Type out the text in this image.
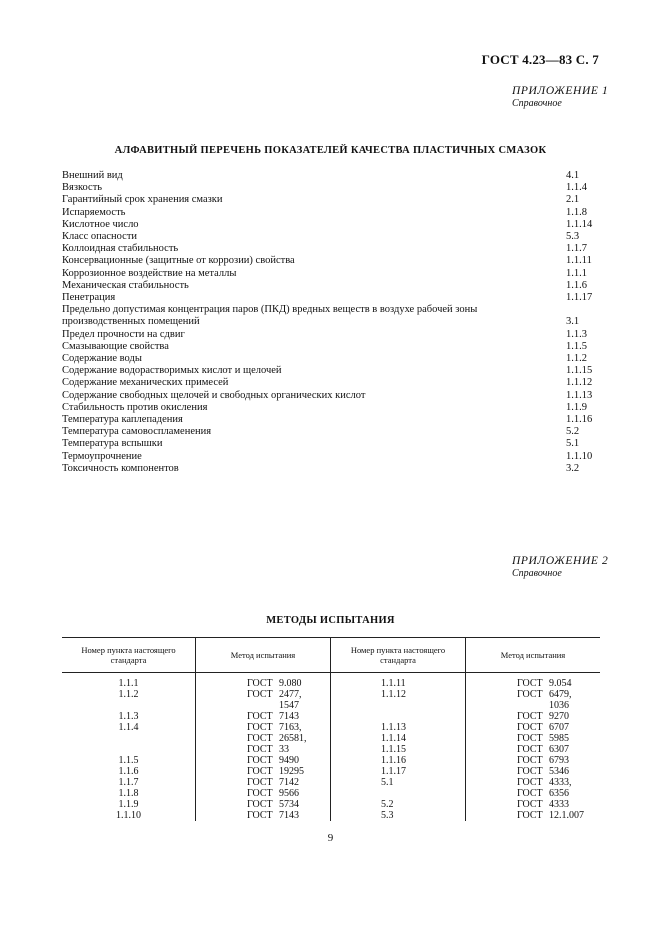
ГОСТ 4.23—83 С. 7
ПРИЛОЖЕНИЕ 1
Справочное
АЛФАВИТНЫЙ ПЕРЕЧЕНЬ ПОКАЗАТЕЛЕЙ КАЧЕСТВА ПЛАСТИЧНЫХ СМАЗОК
Внешний вид	4.1
Вязкость	1.1.4
Гарантийный срок хранения смазки	2.1
Испаряемость	1.1.8
Кислотное число	1.1.14
Класс опасности	5.3
Коллоидная стабильность	1.1.7
Консервационные (защитные от коррозии) свойства	1.1.11
Коррозионное воздействие на металлы	1.1.1
Механическая стабильность	1.1.6
Пенетрация	1.1.17
Предельно допустимая концентрация паров (ПКД) вредных веществ в воздухе рабочей зоны производственных помещений	3.1
Предел прочности на сдвиг	1.1.3
Смазывающие свойства	1.1.5
Содержание воды	1.1.2
Содержание водорастворимых кислот и щелочей	1.1.15
Содержание механических примесей	1.1.12
Содержание свободных щелочей и свободных органических кислот	1.1.13
Стабильность против окисления	1.1.9
Температура каплепадения	1.1.16
Температура самовоспламенения	5.2
Температура вспышки	5.1
Термоупрочнение	1.1.10
Токсичность компонентов	3.2
ПРИЛОЖЕНИЕ 2
Справочное
МЕТОДЫ ИСПЫТАНИЯ
Номер пункта настоящего стандарта	Метод испытания	Номер пункта настоящего стандарта	Метод испытания
1.1.1	ГОСТ 9.080	1.1.11	ГОСТ 9.054
1.1.2	ГОСТ 2477,	1.1.12	ГОСТ 6479,
	1547		1036
1.1.3	ГОСТ 7143		ГОСТ 9270
1.1.4	ГОСТ 7163,	1.1.13	ГОСТ 6707
	ГОСТ 26581,	1.1.14	ГОСТ 5985
	ГОСТ 33	1.1.15	ГОСТ 6307
1.1.5	ГОСТ 9490	1.1.16	ГОСТ 6793
1.1.6	ГОСТ 19295	1.1.17	ГОСТ 5346
1.1.7	ГОСТ 7142	5.1	ГОСТ 4333,
1.1.8	ГОСТ 9566		ГОСТ 6356
1.1.9	ГОСТ 5734	5.2	ГОСТ 4333
1.1.10	ГОСТ 7143	5.3	ГОСТ 12.1.007
9
